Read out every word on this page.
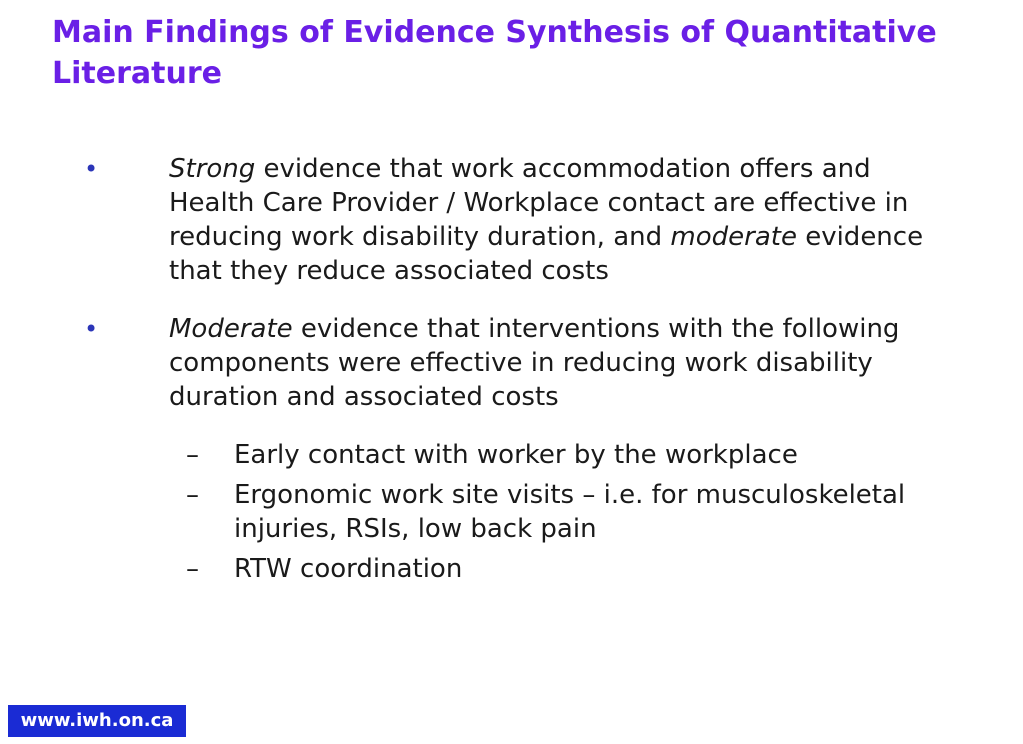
Main Findings of Evidence Synthesis of Quantitative Literature
•	Strong evidence that work accommodation offers and Health Care Provider / Workplace contact are effective in reducing work disability duration, and moderate evidence that they reduce associated costs
•	Moderate evidence that interventions with the following components were effective in reducing work disability duration and associated costs
– Early contact with worker by the workplace
– Ergonomic work site visits – i.e. for musculoskeletal injuries, RSIs, low back pain
– RTW coordination
www.iwh.on.ca
